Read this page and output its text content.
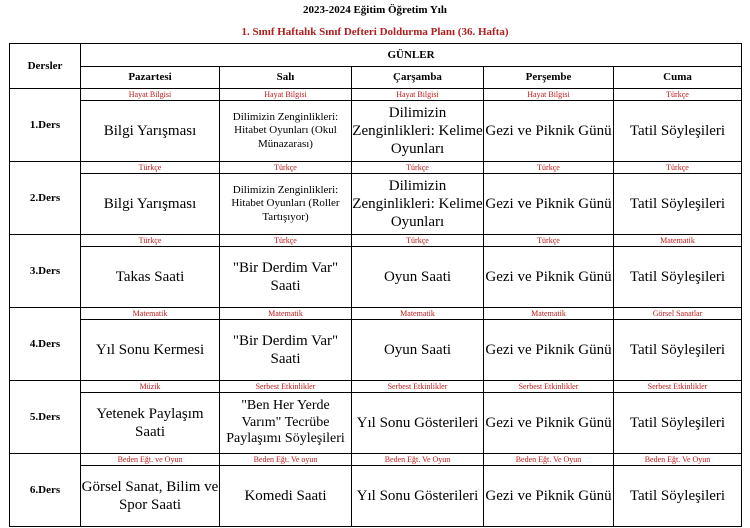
2023-2024 Eğitim Öğretim Yılı
1. Sınıf Haftalık Sınıf Defteri Doldurma Planı (36. Hafta)
Dersler	GÜNLER				
	Pazartesi	Salı	Çarşamba	Perşembe	Cuma
1.Ders	Hayat Bilgisi	Hayat Bilgisi	Hayat Bilgisi	Hayat Bilgisi	Türkçe
	Bilgi Yarışması	Dilimizin Zenginlikleri: Hitabet Oyunları (Okul Münazarası)	Dilimizin Zenginlikleri: Kelime Oyunları	Gezi ve Piknik Günü	Tatil Söyleşileri
2.Ders	Türkçe	Türkçe	Türkçe	Türkçe	Türkçe
	Bilgi Yarışması	Dilimizin Zenginlikleri: Hitabet Oyunları (Roller Tartışıyor)	Dilimizin Zenginlikleri: Kelime Oyunları	Gezi ve Piknik Günü	Tatil Söyleşileri
3.Ders	Türkçe	Türkçe	Türkçe	Türkçe	Matematik
	Takas Saati	"Bir Derdim Var" Saati	Oyun Saati	Gezi ve Piknik Günü	Tatil Söyleşileri
4.Ders	Matematik	Matematik	Matematik	Matematik	Görsel Sanatlar
	Yıl Sonu Kermesi	"Bir Derdim Var" Saati	Oyun Saati	Gezi ve Piknik Günü	Tatil Söyleşileri
5.Ders	Müzik	Serbest Etkinlikler	Serbest Etkinlikler	Serbest Etkinlikler	Serbest Etkinlikler
	Yetenek Paylaşım Saati	"Ben Her Yerde Varım" Tecrübe Paylaşımı Söyleşileri	Yıl Sonu Gösterileri	Gezi ve Piknik Günü	Tatil Söyleşileri
6.Ders	Beden Eğt. ve Oyun	Beden Eğt. Ve oyun	Beden Eğt. Ve Oyun	Beden Eğt. Ve Oyun	Beden Eğt. Ve Oyun
	Görsel Sanat, Bilim ve Spor Saati	Komedi Saati	Yıl Sonu Gösterileri	Gezi ve Piknik Günü	Tatil Söyleşileri
